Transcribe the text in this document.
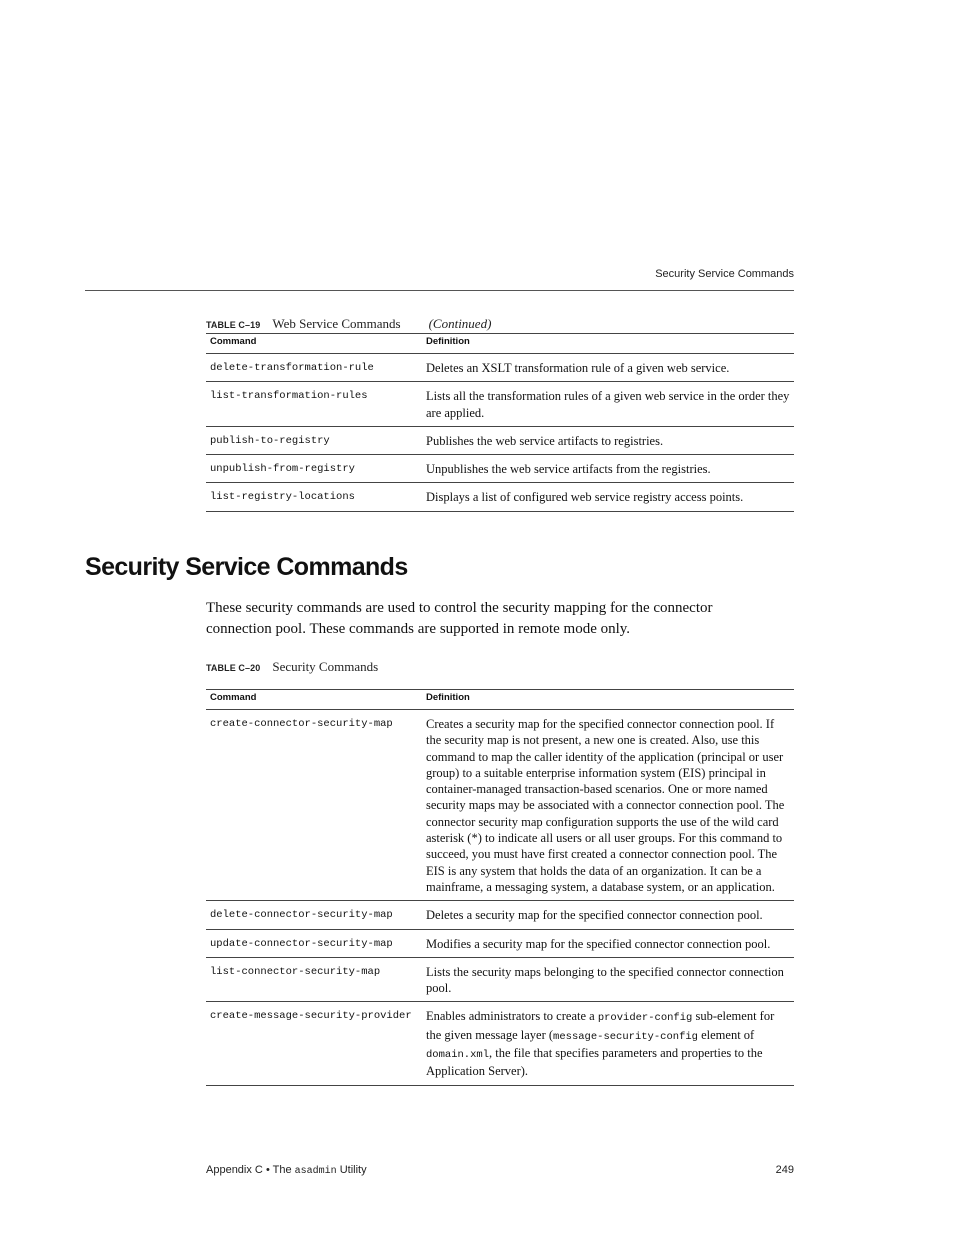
Security Service Commands
TABLE C–19 Web Service Commands (Continued)
Command	Definition
delete-transformation-rule	Deletes an XSLT transformation rule of a given web service.
list-transformation-rules	Lists all the transformation rules of a given web service in the order they are applied.
publish-to-registry	Publishes the web service artifacts to registries.
unpublish-from-registry	Unpublishes the web service artifacts from the registries.
list-registry-locations	Displays a list of configured web service registry access points.
Security Service Commands

These security commands are used to control the security mapping for the connector connection pool. These commands are supported in remote mode only.

TABLE C–20 Security Commands
Command	Definition
create-connector-security-map	Creates a security map for the specified connector connection pool. If the security map is not present, a new one is created. Also, use this command to map the caller identity of the application (principal or user group) to a suitable enterprise information system (EIS) principal in container-managed transaction-based scenarios. One or more named security maps may be associated with a connector connection pool. The connector security map configuration supports the use of the wild card asterisk (*) to indicate all users or all user groups. For this command to succeed, you must have first created a connector connection pool. The EIS is any system that holds the data of an organization. It can be a mainframe, a messaging system, a database system, or an application.
delete-connector-security-map	Deletes a security map for the specified connector connection pool.
update-connector-security-map	Modifies a security map for the specified connector connection pool.
list-connector-security-map	Lists the security maps belonging to the specified connector connection pool.
create-message-security-provider	Enables administrators to create a provider-config sub-element for the given message layer (message-security-config element of domain.xml, the file that specifies parameters and properties to the Application Server).
Appendix C • The asadmin Utility	249
